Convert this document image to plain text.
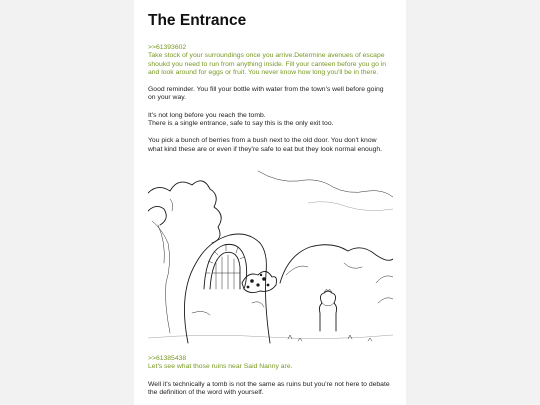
The Entrance

>>61393602
Take stock of your surroundings once you arrive.Determine avenues of escape shoukd you need to run from anything inside. Fill your canteen before you go in and look around for eggs or fruit. You never know how long you'll be in there.

Good reminder. You fill your bottle with water from the town's well before going on your way.

It's not long before you reach the tomb.
There is a single entrance, safe to say this is the only exit too.

You pick a bunch of berries from a bush next to the old door. You don't know what kind these are or even if they're safe to eat but they look normal enough.

>>61385438
Let's see what those ruins near Said Nanny are.

Well it's technically a tomb is not the same as ruins but you're not here to debate the definition of the word with yourself.
